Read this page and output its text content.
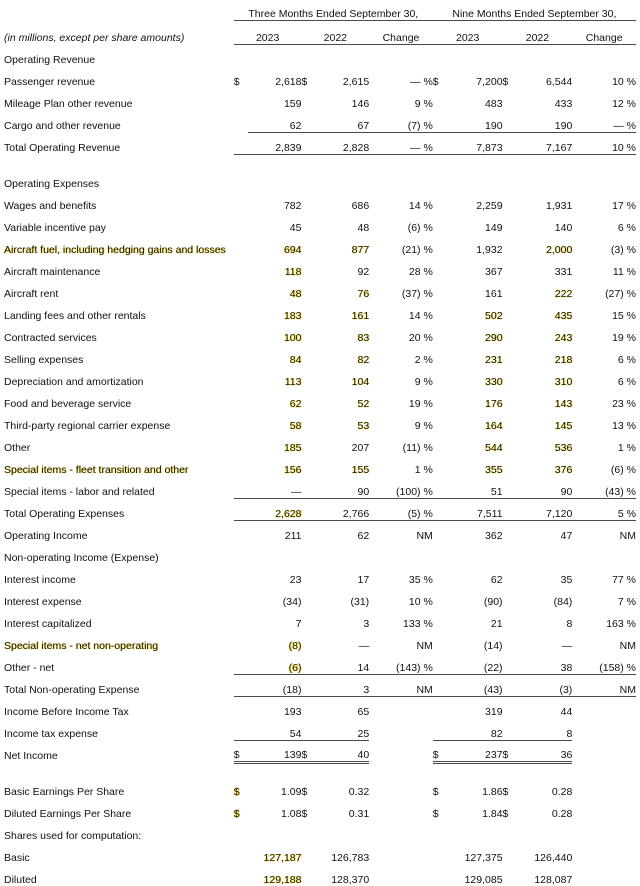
	Three Months Ended September 30,					Nine Months Ended September 30,				
(in millions, except per share amounts)	2023		2022		Change	2023		2022		Change
Operating Revenue										
Passenger revenue	$	2,618	$	2,615	— %	$	7,200	$	6,544	10 %
Mileage Plan other revenue		159		146	9 %		483		433	12 %
Cargo and other revenue		62		67	(7) %		190		190	— %
Total Operating Revenue		2,839		2,828	— %		7,873		7,167	10 %

Operating Expenses										
Wages and benefits		782		686	14 %		2,259		1,931	17 %
Variable incentive pay		45		48	(6) %		149		140	6 %
Aircraft fuel, including hedging gains and losses		694		877	(21) %		1,932		2,000	(3) %
Aircraft maintenance		118		92	28 %		367		331	11 %
Aircraft rent		48		76	(37) %		161		222	(27) %
Landing fees and other rentals		183		161	14 %		502		435	15 %
Contracted services		100		83	20 %		290		243	19 %
Selling expenses		84		82	2 %		231		218	6 %
Depreciation and amortization		113		104	9 %		330		310	6 %
Food and beverage service		62		52	19 %		176		143	23 %
Third-party regional carrier expense		58		53	9 %		164		145	13 %
Other		185		207	(11) %		544		536	1 %
Special items - fleet transition and other		156		155	1 %		355		376	(6) %
Special items - labor and related		—		90	(100) %		51		90	(43) %
Total Operating Expenses		2,628		2,766	(5) %		7,511		7,120	5 %
Operating Income		211		62	NM		362		47	NM
Non-operating Income (Expense)										
Interest income		23		17	35 %		62		35	77 %
Interest expense		(34)		(31)	10 %		(90)		(84)	7 %
Interest capitalized		7		3	133 %		21		8	163 %
Special items - net non-operating		(8)		—	NM		(14)		—	NM
Other - net		(6)		14	(143) %		(22)		38	(158) %
Total Non-operating Expense		(18)		3	NM		(43)		(3)	NM
Income Before Income Tax		193		65			319		44	
Income tax expense		54		25			82		8	
Net Income	$	139	$	40		$	237	$	36	

Basic Earnings Per Share	$	1.09	$	0.32		$	1.86	$	0.28	
Diluted Earnings Per Share	$	1.08	$	0.31		$	1.84	$	0.28	
Shares used for computation:										
Basic		127,187		126,783			127,375		126,440	
Diluted		129,188		128,370			129,085		128,087	
